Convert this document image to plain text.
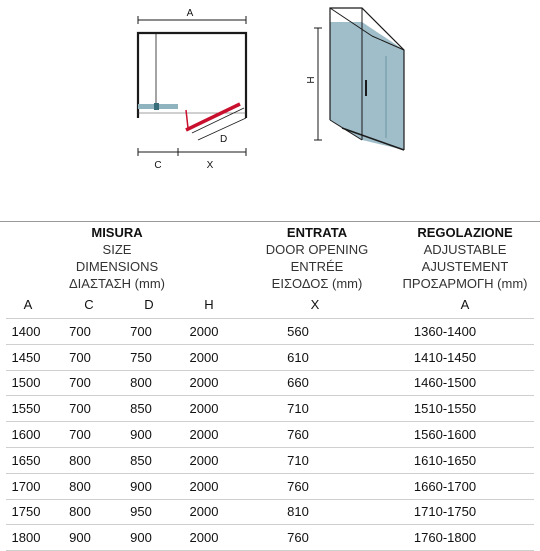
A
D
C	X
H
MISURA
SIZE
DIMENSIONS
ΔΙΑΣΤΑΣΗ (mm)
ENTRATA
DOOR OPENING
ENTRÉE
ΕΙΣΟΔΟΣ (mm)
REGOLAZIONE
ADJUSTABLE
AJUSTEMENT
ΠΡΟΣΑΡΜΟΓΗ (mm)
A	C	D	H	X	A
1400	700	700	2000	560	1360-1400
1450	700	750	2000	610	1410-1450
1500	700	800	2000	660	1460-1500
1550	700	850	2000	710	1510-1550
1600	700	900	2000	760	1560-1600
1650	800	850	2000	710	1610-1650
1700	800	900	2000	760	1660-1700
1750	800	950	2000	810	1710-1750
1800	900	900	2000	760	1760-1800
